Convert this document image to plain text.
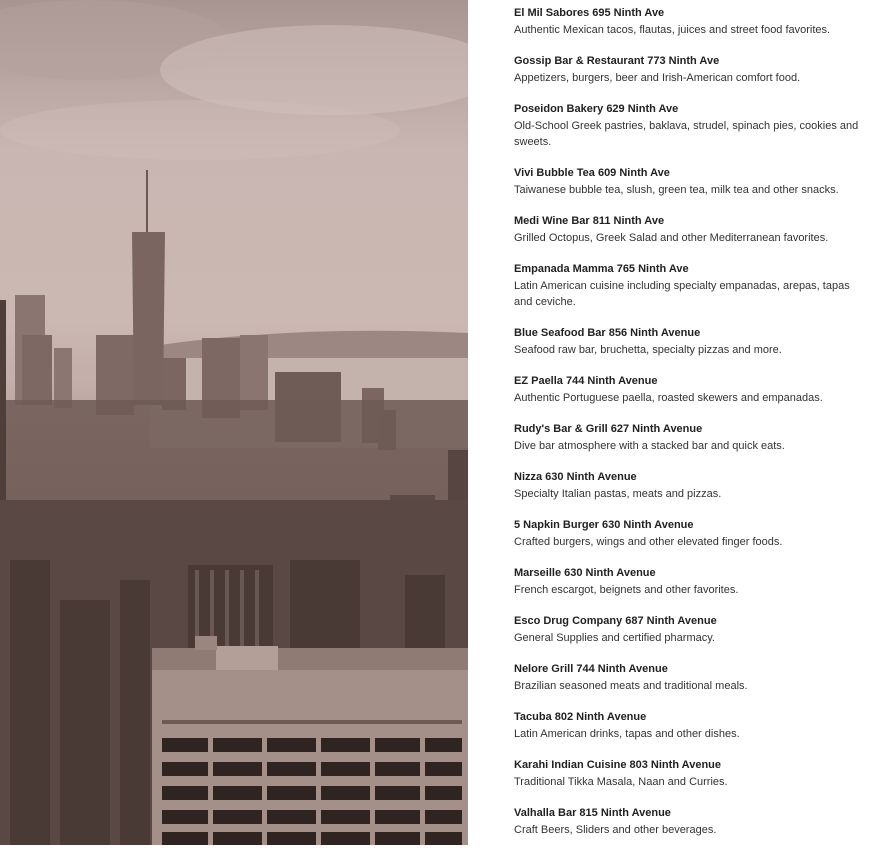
El Mil Sabores 695 Ninth Ave
Authentic Mexican tacos, flautas, juices and street food favorites.
Gossip Bar & Restaurant 773 Ninth Ave
Appetizers, burgers, beer and Irish-American comfort food.
Poseidon Bakery 629 Ninth Ave
Old-School Greek pastries, baklava, strudel, spinach pies, cookies and sweets.
Vivi Bubble Tea 609 Ninth Ave
Taiwanese bubble tea, slush, green tea, milk tea and other snacks.
Medi Wine Bar 811 Ninth Ave
Grilled Octopus, Greek Salad and other Mediterranean favorites.
Empanada Mamma 765 Ninth Ave
Latin American cuisine including specialty empanadas, arepas, tapas and ceviche.
Blue Seafood Bar 856 Ninth Avenue
Seafood raw bar, bruchetta, specialty pizzas and more.
EZ Paella 744 Ninth Avenue
Authentic Portuguese paella, roasted skewers and empanadas.
Rudy's Bar & Grill 627 Ninth Avenue
Dive bar atmosphere with a stacked bar and quick eats.
Nizza 630 Ninth Avenue
Specialty Italian pastas, meats and pizzas.
5 Napkin Burger 630 Ninth Avenue
Crafted burgers, wings and other elevated finger foods.
Marseille 630 Ninth Avenue
French escargot, beignets and other favorites.
Esco Drug Company 687 Ninth Avenue
General Supplies and certified pharmacy.
Nelore Grill 744 Ninth Avenue
Brazilian seasoned meats and traditional meals.
Tacuba 802 Ninth Avenue
Latin American drinks, tapas and other dishes.
Karahi Indian Cuisine 803 Ninth Avenue
Traditional Tikka Masala, Naan and Curries.
Valhalla Bar 815 Ninth Avenue
Craft Beers, Sliders and other beverages.
